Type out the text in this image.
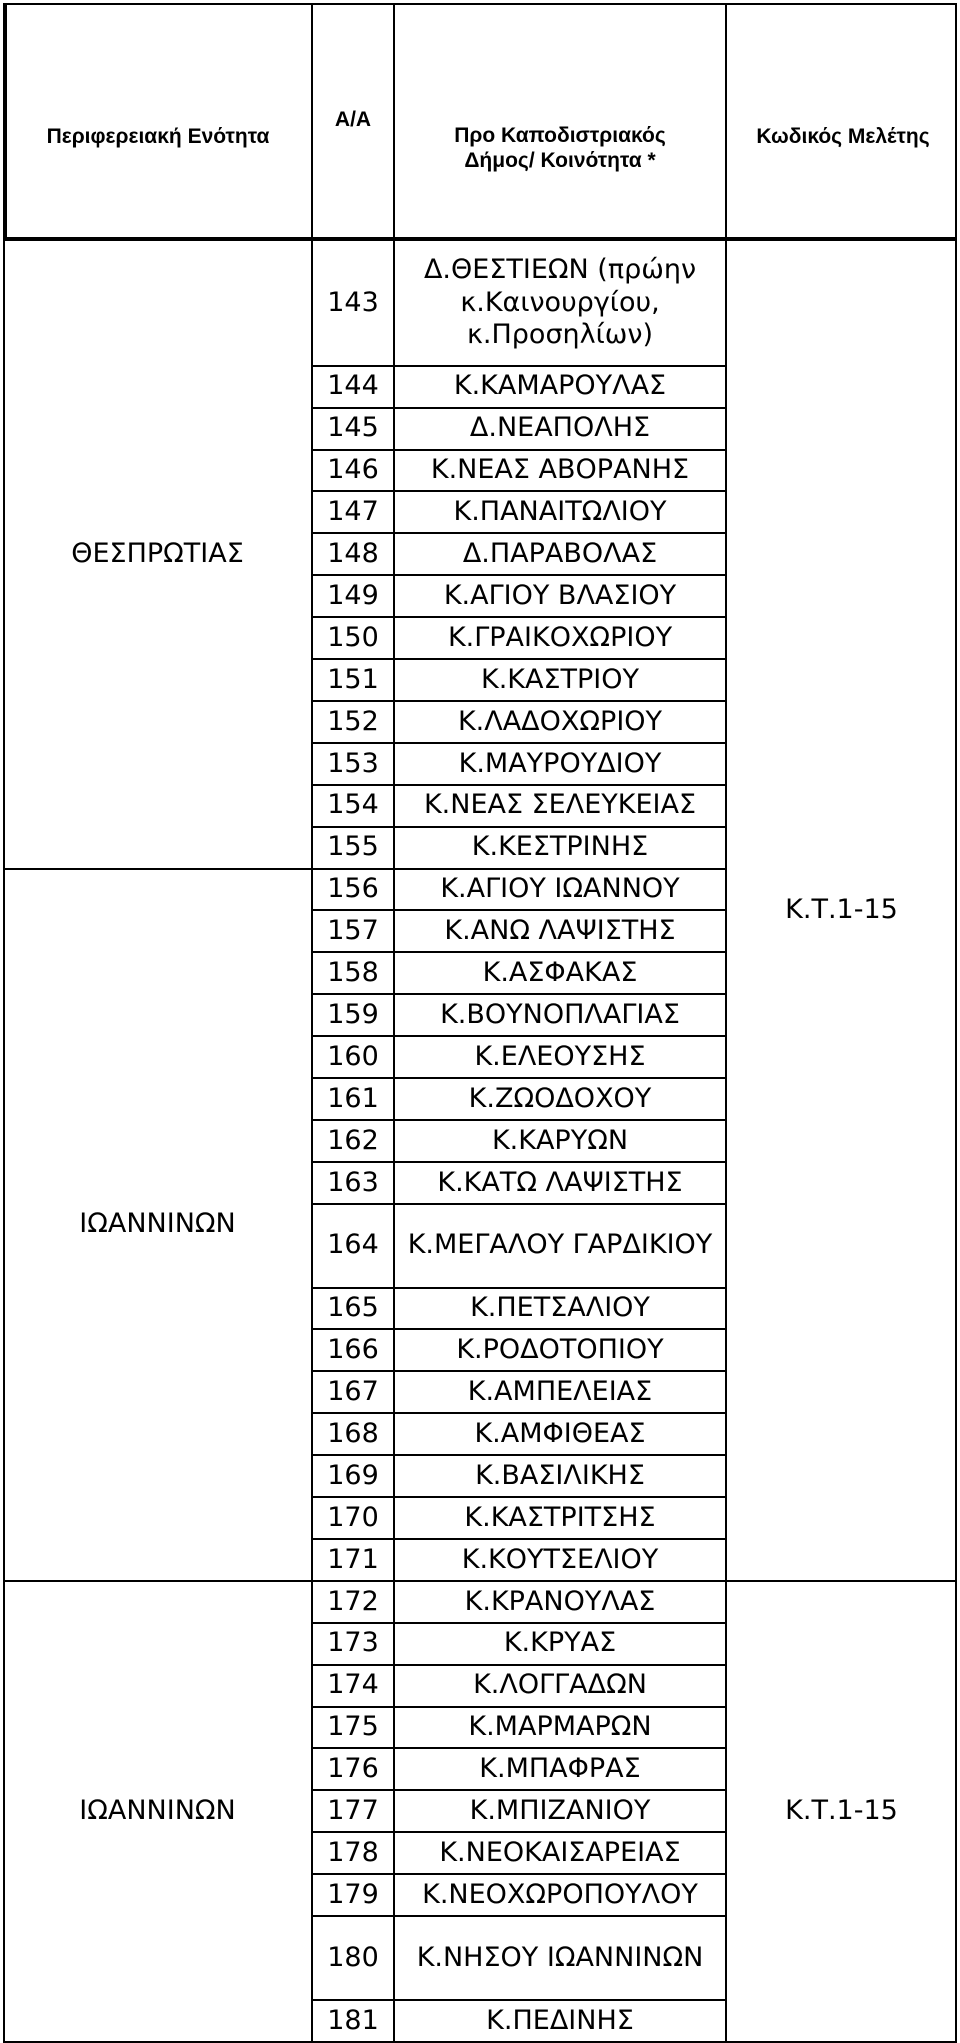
Περιφερειακή Ενότητα
Α/Α
Προ Καποδιστριακός Δήμος/ Κοινότητα *
Κωδικός Μελέτης
Δ.ΘΕΣΤΙΕΩΝ (πρώην κ.Καινουργίου, κ.Προσηλίων)
143
Κ.ΚΑΜΑΡΟΥΛΑΣ
144
Δ.ΝΕΑΠΟΛΗΣ
145
Κ.ΝΕΑΣ ΑΒΟΡΑΝΗΣ
146
Κ.ΠΑΝΑΙΤΩΛΙΟΥ
147
Δ.ΠΑΡΑΒΟΛΑΣ
148
Κ.ΑΓΙΟΥ ΒΛΑΣΙΟΥ
149
Κ.ΓΡΑΙΚΟΧΩΡΙΟΥ
150
Κ.ΚΑΣΤΡΙΟΥ
151
Κ.ΛΑΔΟΧΩΡΙΟΥ
152
Κ.ΜΑΥΡΟΥΔΙΟΥ
153
Κ.ΝΕΑΣ ΣΕΛΕΥΚΕΙΑΣ
154
Κ.ΚΕΣΤΡΙΝΗΣ
155
Κ.ΑΓΙΟΥ ΙΩΑΝΝΟΥ
156
Κ.ΑΝΩ ΛΑΨΙΣΤΗΣ
157
Κ.ΑΣΦΑΚΑΣ
158
Κ.ΒΟΥΝΟΠΛΑΓΙΑΣ
159
Κ.ΕΛΕΟΥΣΗΣ
160
Κ.ΖΩΟΔΟΧΟΥ
161
Κ.ΚΑΡΥΩΝ
162
Κ.ΚΑΤΩ ΛΑΨΙΣΤΗΣ
163
Κ.ΜΕΓΑΛΟΥ ΓΑΡΔΙΚΙΟΥ
164
Κ.ΠΕΤΣΑΛΙΟΥ
165
Κ.ΡΟΔΟΤΟΠΙΟΥ
166
Κ.ΑΜΠΕΛΕΙΑΣ
167
Κ.ΑΜΦΙΘΕΑΣ
168
Κ.ΒΑΣΙΛΙΚΗΣ
169
Κ.ΚΑΣΤΡΙΤΣΗΣ
170
Κ.ΚΟΥΤΣΕΛΙΟΥ
171
Κ.ΚΡΑΝΟΥΛΑΣ
172
Κ.ΚΡΥΑΣ
173
Κ.ΛΟΓΓΑΔΩΝ
174
Κ.ΜΑΡΜΑΡΩΝ
175
Κ.ΜΠΑΦΡΑΣ
176
Κ.ΜΠΙΖΑΝΙΟΥ
177
Κ.ΝΕΟΚΑΙΣΑΡΕΙΑΣ
178
Κ.ΝΕΟΧΩΡΟΠΟΥΛΟΥ
179
Κ.ΝΗΣΟΥ ΙΩΑΝΝΙΝΩΝ
180
Κ.ΠΕΔΙΝΗΣ
181
ΘΕΣΠΡΩΤΙΑΣ
ΙΩΑΝΝΙΝΩΝ
ΙΩΑΝΝΙΝΩΝ
Κ.Τ.1-15
Κ.Τ.1-15
